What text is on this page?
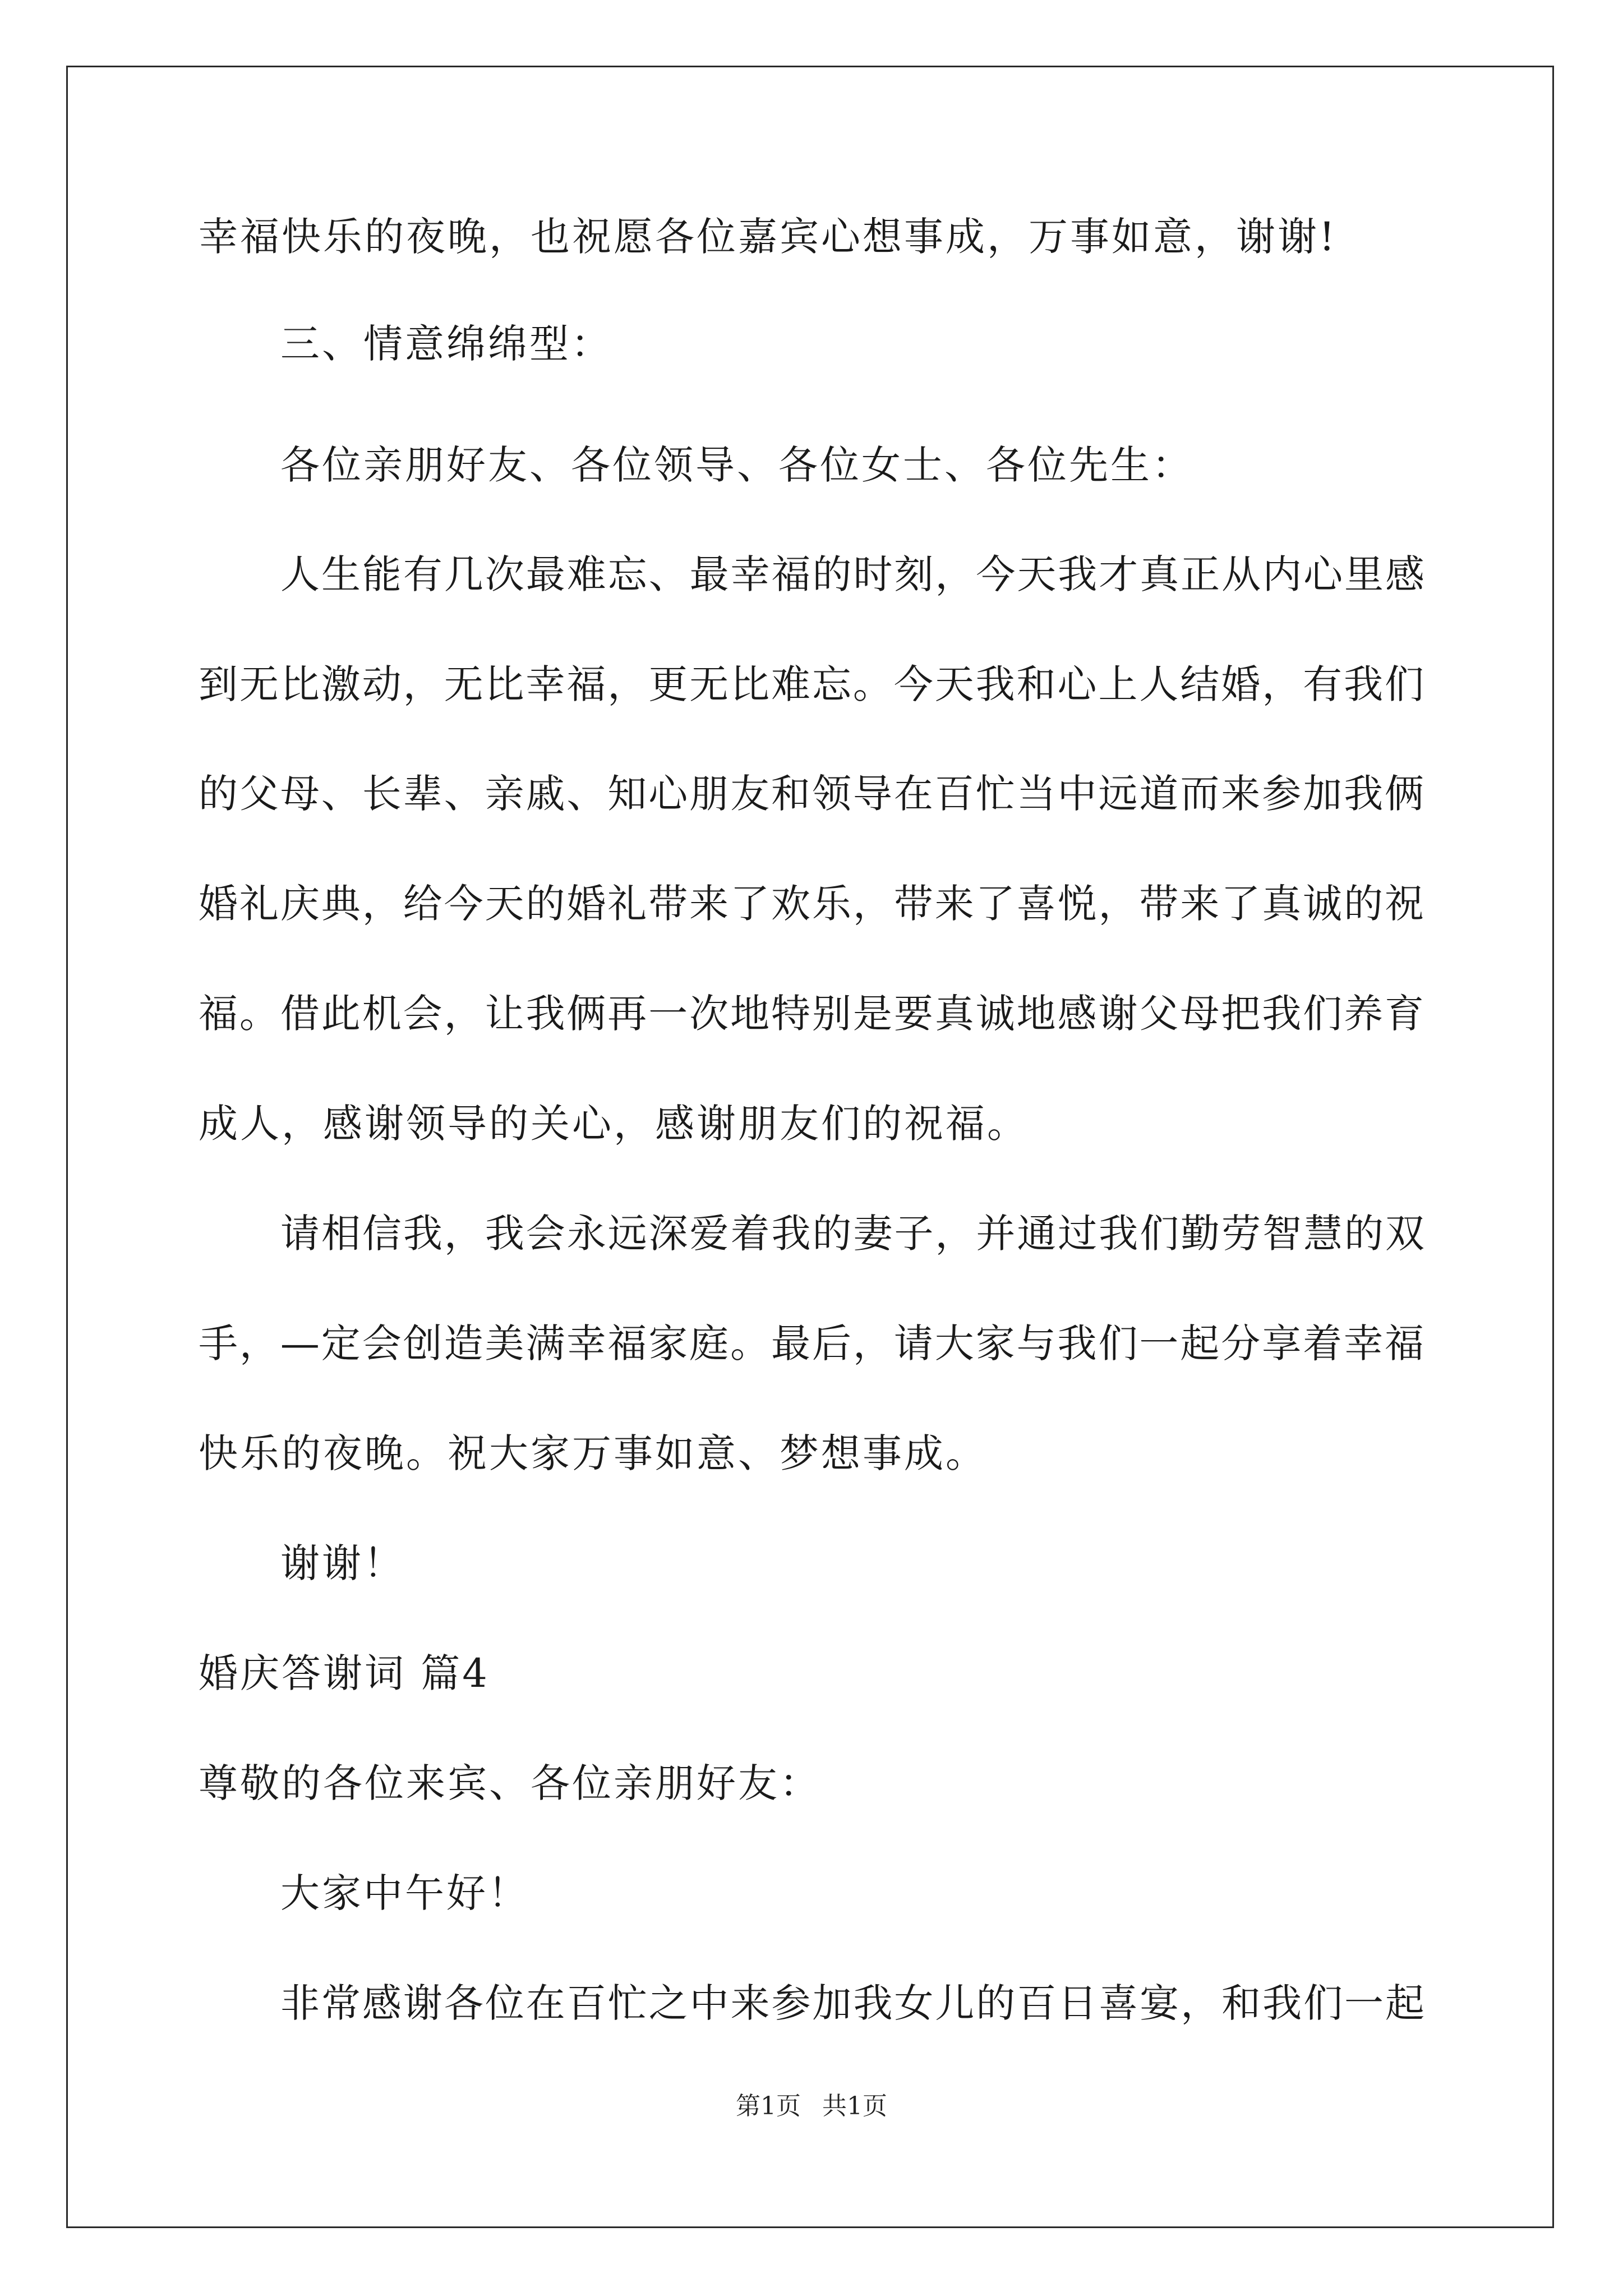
幸福快乐的夜晚，也祝愿各位嘉宾心想事成，万事如意，谢谢!
三、情意绵绵型：
各位亲朋好友、各位领导、各位女士、各位先生：
人生能有几次最难忘、最幸福的时刻，今天我才真正从内心里感
到无比激动，无比幸福，更无比难忘。今天我和心上人结婚，有我们
的父母、长辈、亲戚、知心朋友和领导在百忙当中远道而来参加我俩
婚礼庆典，给今天的婚礼带来了欢乐，带来了喜悦，带来了真诚的祝
福。借此机会，让我俩再一次地特别是要真诚地感谢父母把我们养育
成人，感谢领导的关心，感谢朋友们的祝福。
请相信我，我会永远深爱着我的妻子，并通过我们勤劳智慧的双
手，—定会创造美满幸福家庭。最后，请大家与我们一起分享着幸福
快乐的夜晚。祝大家万事如意、梦想事成。
谢谢！
婚庆答谢词 篇4
尊敬的各位来宾、各位亲朋好友：
大家中午好！
非常感谢各位在百忙之中来参加我女儿的百日喜宴，和我们一起
第1页 共1页
